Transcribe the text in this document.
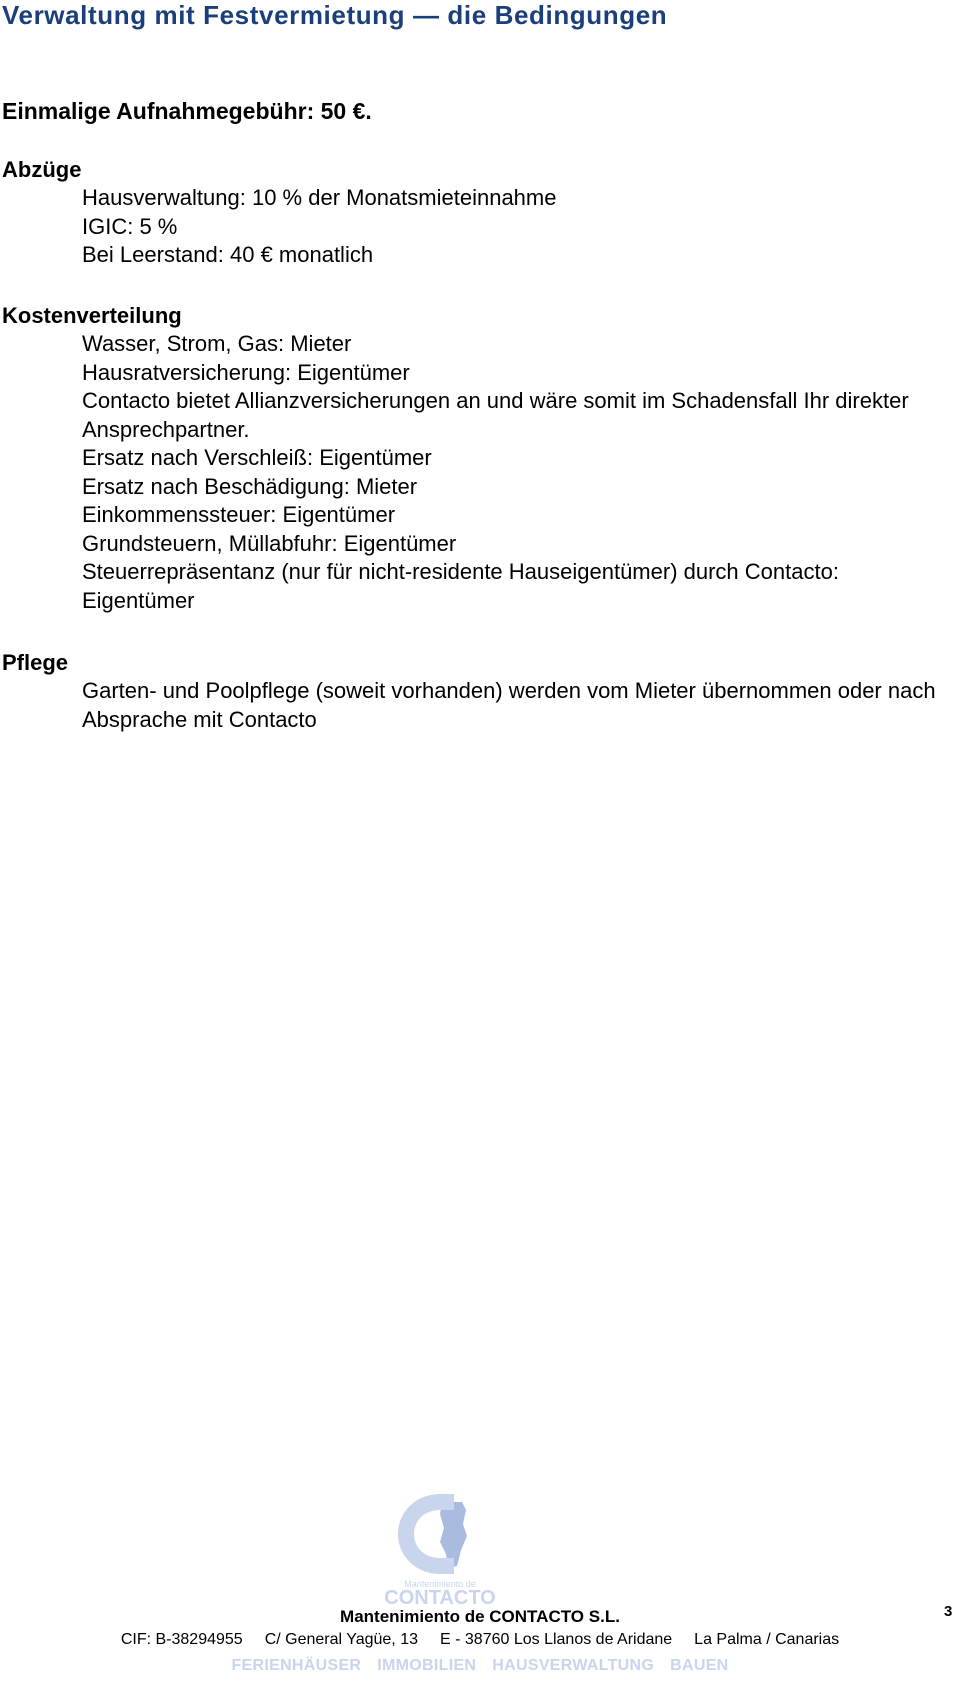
Verwaltung mit Festvermietung — die Bedingungen

Einmalige Aufnahmegebühr: 50 €.

Abzüge
Hausverwaltung: 10 % der Monatsmieteinnahme
IGIC: 5 %
Bei Leerstand: 40 € monatlich
Kostenverteilung
Wasser, Strom, Gas: Mieter
Hausratversicherung: Eigentümer
Contacto bietet Allianzversicherungen an und wäre somit im Schadensfall Ihr direkter Ansprechpartner.
Ersatz nach Verschleiß: Eigentümer
Ersatz nach Beschädigung: Mieter
Einkommenssteuer: Eigentümer
Grundsteuern, Müllabfuhr: Eigentümer
Steuerrepräsentanz (nur für nicht-residente Hauseigentümer) durch Contacto: Eigentümer
Pflege
Garten- und Poolpflege (soweit vorhanden) werden vom Mieter übernommen oder nach Absprache mit Contacto
Mantenimiento de
CONTACTO
3
Mantenimiento de CONTACTO S.L.
CIF: B-38294955 C/ General Yagüe, 13 E - 38760 Los Llanos de Aridane La Palma / Canarias
FERIENHÄUSER IMMOBILIEN HAUSVERWALTUNG BAUEN
